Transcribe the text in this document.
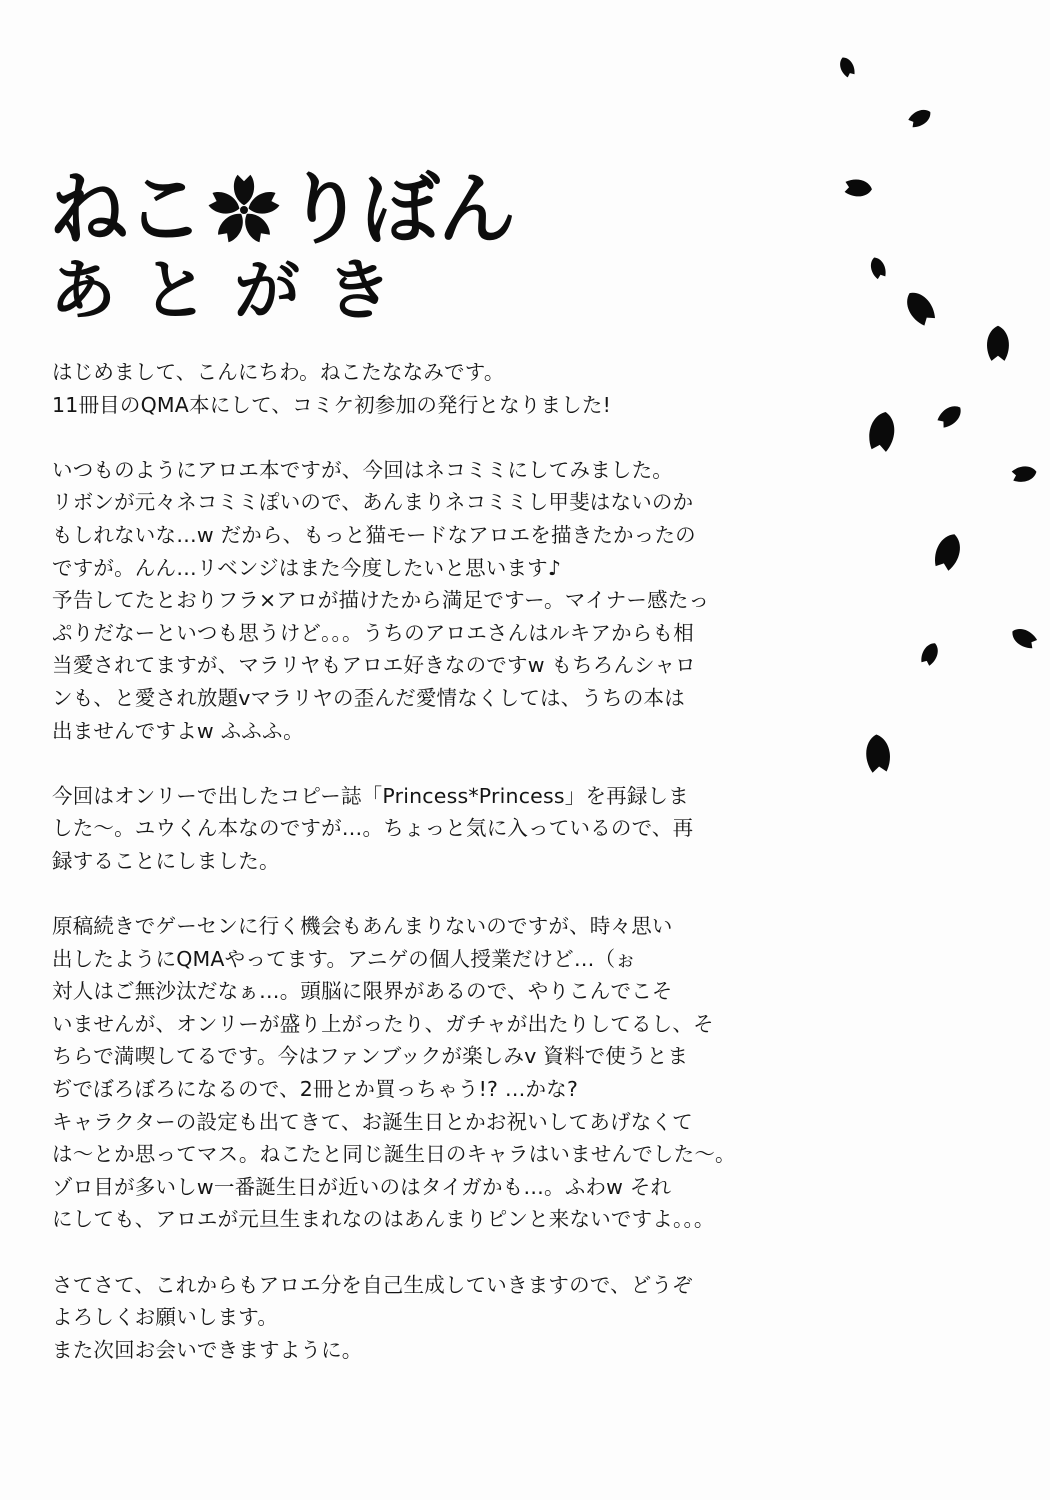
ねこ りぼん
あとがき
はじめまして、こんにちわ。ねこたななみです。
11冊目のQMA本にして、コミケ初参加の発行となりました!
いつものようにアロエ本ですが、今回はネコミミにしてみました。
リボンが元々ネコミミぽいので、あんまりネコミミし甲斐はないのか
もしれないな…w だから、もっと猫モードなアロエを描きたかったの
ですが。んん…リベンジはまた今度したいと思います♪
予告してたとおりフラ×アロが描けたから満足ですー。マイナー感たっ
ぷりだなーといつも思うけど。。。うちのアロエさんはルキアからも相
当愛されてますが、マラリヤもアロエ好きなのですw もちろんシャロ
ンも、と愛され放題vマラリヤの歪んだ愛情なくしては、うちの本は
出ませんですよw ふふふ。
今回はオンリーで出したコピー誌「Princess*Princess」を再録しま
した～。ユウくん本なのですが…。ちょっと気に入っているので、再
録することにしました。
原稿続きでゲーセンに行く機会もあんまりないのですが、時々思い
出したようにQMAやってます。アニゲの個人授業だけど…（ぉ
対人はご無沙汰だなぁ…。頭脳に限界があるので、やりこんでこそ
いませんが、オンリーが盛り上がったり、ガチャが出たりしてるし、そ
ちらで満喫してるです。今はファンブックが楽しみv 資料で使うとま
ぢでぼろぼろになるので、2冊とか買っちゃう!? …かな?
キャラクターの設定も出てきて、お誕生日とかお祝いしてあげなくて
は～とか思ってマス。ねこたと同じ誕生日のキャラはいませんでした～。
ゾロ目が多いしw一番誕生日が近いのはタイガかも…。ふわw それ
にしても、アロエが元旦生まれなのはあんまりピンと来ないですよ。。。
さてさて、これからもアロエ分を自己生成していきますので、どうぞ
よろしくお願いします。
また次回お会いできますように。
